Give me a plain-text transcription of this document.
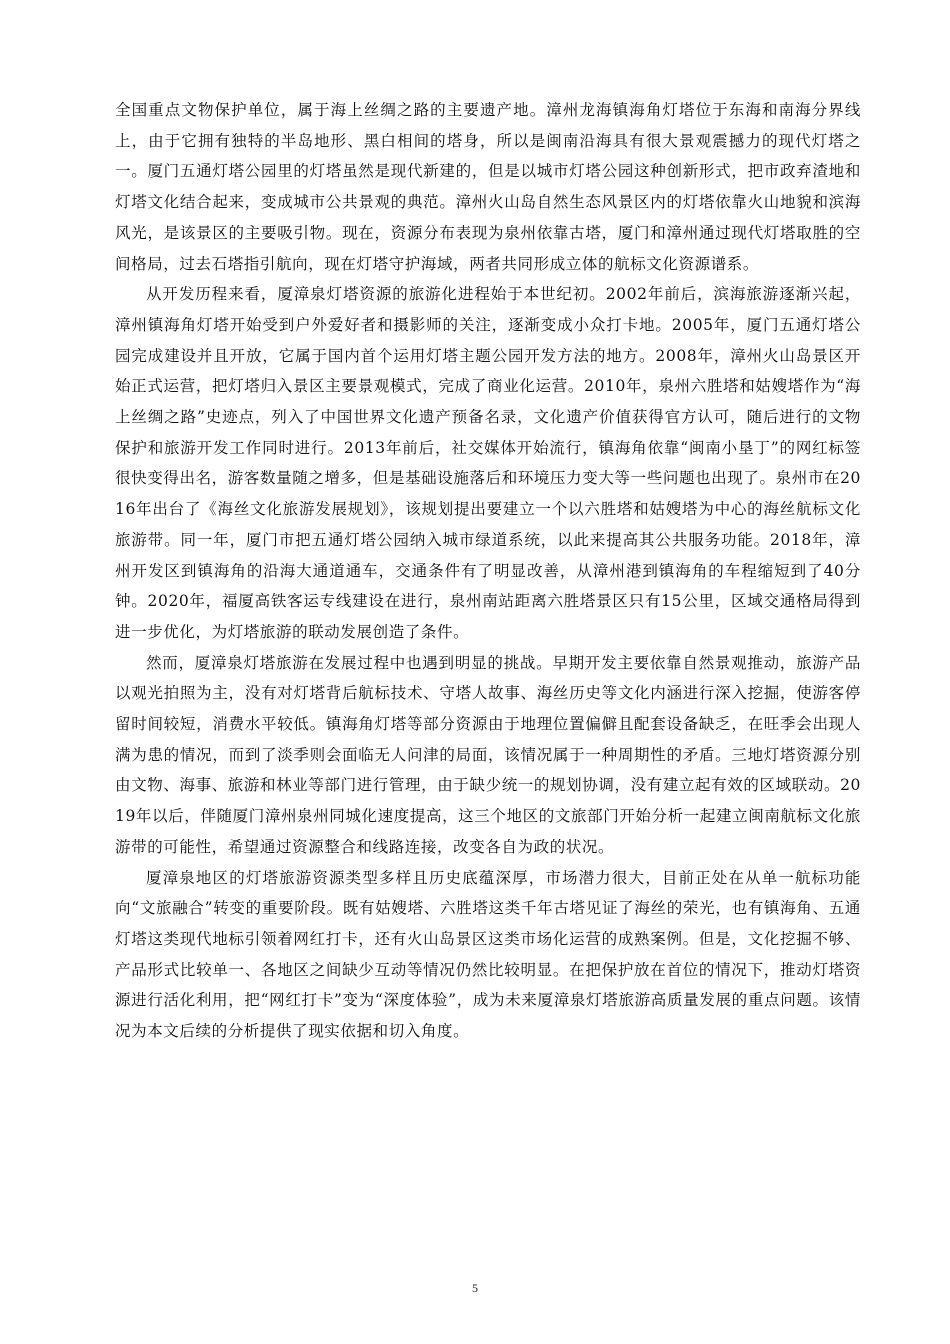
全国重点文物保护单位，属于海上丝绸之路的主要遗产地。漳州龙海镇海角灯塔位于东海和南海分界线上，由于它拥有独特的半岛地形、黑白相间的塔身，所以是闽南沿海具有很大景观震撼力的现代灯塔之一。厦门五通灯塔公园里的灯塔虽然是现代新建的，但是以城市灯塔公园这种创新形式，把市政弃渣地和灯塔文化结合起来，变成城市公共景观的典范。漳州火山岛自然生态风景区内的灯塔依靠火山地貌和滨海风光，是该景区的主要吸引物。现在，资源分布表现为泉州依靠古塔，厦门和漳州通过现代灯塔取胜的空间格局，过去石塔指引航向，现在灯塔守护海域，两者共同形成立体的航标文化资源谱系。

从开发历程来看，厦漳泉灯塔资源的旅游化进程始于本世纪初。2002年前后，滨海旅游逐渐兴起，漳州镇海角灯塔开始受到户外爱好者和摄影师的关注，逐渐变成小众打卡地。2005年，厦门五通灯塔公园完成建设并且开放，它属于国内首个运用灯塔主题公园开发方法的地方。2008年，漳州火山岛景区开始正式运营，把灯塔归入景区主要景观模式，完成了商业化运营。2010年，泉州六胜塔和姑嫂塔作为“海上丝绸之路”史迹点，列入了中国世界文化遗产预备名录，文化遗产价值获得官方认可，随后进行的文物保护和旅游开发工作同时进行。2013年前后，社交媒体开始流行，镇海角依靠“闽南小垦丁”的网红标签很快变得出名，游客数量随之增多，但是基础设施落后和环境压力变大等一些问题也出现了。泉州市在2016年出台了《海丝文化旅游发展规划》，该规划提出要建立一个以六胜塔和姑嫂塔为中心的海丝航标文化旅游带。同一年，厦门市把五通灯塔公园纳入城市绿道系统，以此来提高其公共服务功能。2018年，漳州开发区到镇海角的沿海大通道通车，交通条件有了明显改善，从漳州港到镇海角的车程缩短到了40分钟。2020年，福厦高铁客运专线建设在进行，泉州南站距离六胜塔景区只有15公里，区域交通格局得到进一步优化，为灯塔旅游的联动发展创造了条件。

然而，厦漳泉灯塔旅游在发展过程中也遇到明显的挑战。早期开发主要依靠自然景观推动，旅游产品以观光拍照为主，没有对灯塔背后航标技术、守塔人故事、海丝历史等文化内涵进行深入挖掘，使游客停留时间较短，消费水平较低。镇海角灯塔等部分资源由于地理位置偏僻且配套设备缺乏，在旺季会出现人满为患的情况，而到了淡季则会面临无人问津的局面，该情况属于一种周期性的矛盾。三地灯塔资源分别由文物、海事、旅游和林业等部门进行管理，由于缺少统一的规划协调，没有建立起有效的区域联动。2019年以后，伴随厦门漳州泉州同城化速度提高，这三个地区的文旅部门开始分析一起建立闽南航标文化旅游带的可能性，希望通过资源整合和线路连接，改变各自为政的状况。

厦漳泉地区的灯塔旅游资源类型多样且历史底蕴深厚，市场潜力很大，目前正处在从单一航标功能向“文旅融合”转变的重要阶段。既有姑嫂塔、六胜塔这类千年古塔见证了海丝的荣光，也有镇海角、五通灯塔这类现代地标引领着网红打卡，还有火山岛景区这类市场化运营的成熟案例。但是，文化挖掘不够、产品形式比较单一、各地区之间缺少互动等情况仍然比较明显。在把保护放在首位的情况下，推动灯塔资源进行活化利用，把“网红打卡”变为“深度体验”，成为未来厦漳泉灯塔旅游高质量发展的重点问题。该情况为本文后续的分析提供了现实依据和切入角度。

5
